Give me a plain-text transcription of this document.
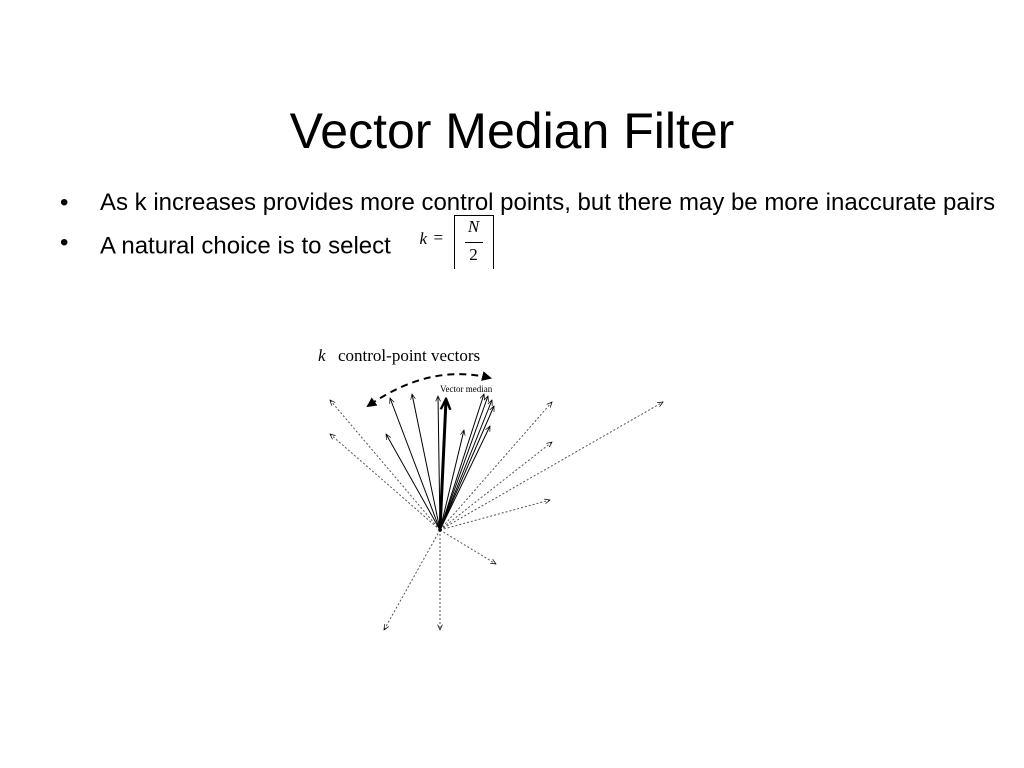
Vector Median Filter
• As k increases provides more control points, but there may be more inaccurate pairs
• A natural choice is to select k =
N
2
k control-point vectors
Vector median
